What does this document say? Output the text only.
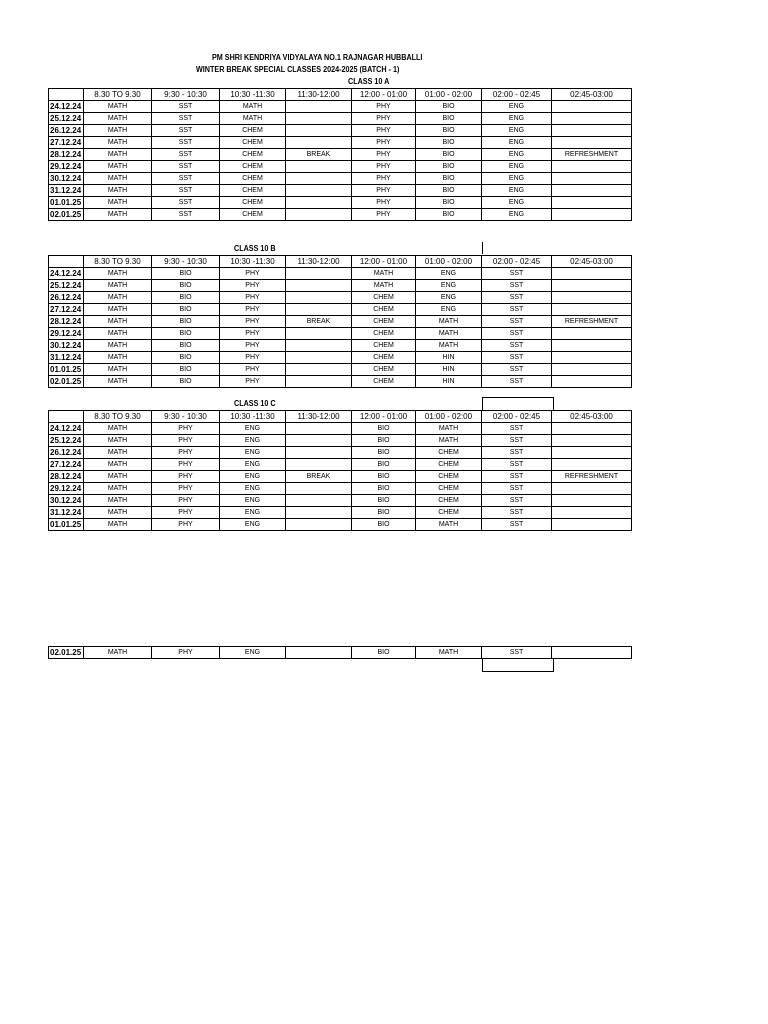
PM SHRI KENDRIYA VIDYALAYA NO.1 RAJNAGAR HUBBALLI
WINTER BREAK SPECIAL CLASSES 2024-2025 (BATCH - 1)
CLASS 10 A
	8.30 TO 9.30	9:30 - 10:30	10:30 -11:30	11:30-12:00	12:00 - 01:00	01:00 - 02:00	02:00 - 02:45	02:45-03:00
24.12.24	MATH	SST	MATH		PHY	BIO	ENG	
25.12.24	MATH	SST	MATH		PHY	BIO	ENG	
26.12.24	MATH	SST	CHEM		PHY	BIO	ENG	
27.12.24	MATH	SST	CHEM		PHY	BIO	ENG	
28.12.24	MATH	SST	CHEM	BREAK	PHY	BIO	ENG	REFRESHMENT
29.12.24	MATH	SST	CHEM		PHY	BIO	ENG	
30.12.24	MATH	SST	CHEM		PHY	BIO	ENG	
31.12.24	MATH	SST	CHEM		PHY	BIO	ENG	
01.01.25	MATH	SST	CHEM		PHY	BIO	ENG	
02.01.25	MATH	SST	CHEM		PHY	BIO	ENG	
CLASS 10 B
	8.30 TO 9.30	9:30 - 10:30	10:30 -11:30	11:30-12:00	12:00 - 01:00	01:00 - 02:00	02:00 - 02:45	02:45-03:00
24.12.24	MATH	BIO	PHY		MATH	ENG	SST	
25.12.24	MATH	BIO	PHY		MATH	ENG	SST	
26.12.24	MATH	BIO	PHY		CHEM	ENG	SST	
27.12.24	MATH	BIO	PHY		CHEM	ENG	SST	
28.12.24	MATH	BIO	PHY	BREAK	CHEM	MATH	SST	REFRESHMENT
29.12.24	MATH	BIO	PHY		CHEM	MATH	SST	
30.12.24	MATH	BIO	PHY		CHEM	MATH	SST	
31.12.24	MATH	BIO	PHY		CHEM	HIN	SST	
01.01.25	MATH	BIO	PHY		CHEM	HIN	SST	
02.01.25	MATH	BIO	PHY		CHEM	HIN	SST	
CLASS 10 C
	8.30 TO 9.30	9:30 - 10:30	10:30 -11:30	11:30-12:00	12:00 - 01:00	01:00 - 02:00	02:00 - 02:45	02:45-03:00
24.12.24	MATH	PHY	ENG		BIO	MATH	SST	
25.12.24	MATH	PHY	ENG		BIO	MATH	SST	
26.12.24	MATH	PHY	ENG		BIO	CHEM	SST	
27.12.24	MATH	PHY	ENG		BIO	CHEM	SST	
28.12.24	MATH	PHY	ENG	BREAK	BIO	CHEM	SST	REFRESHMENT
29.12.24	MATH	PHY	ENG		BIO	CHEM	SST	
30.12.24	MATH	PHY	ENG		BIO	CHEM	SST	
31.12.24	MATH	PHY	ENG		BIO	CHEM	SST	
01.01.25	MATH	PHY	ENG		BIO	MATH	SST	
02.01.25	MATH	PHY	ENG		BIO	MATH	SST	
